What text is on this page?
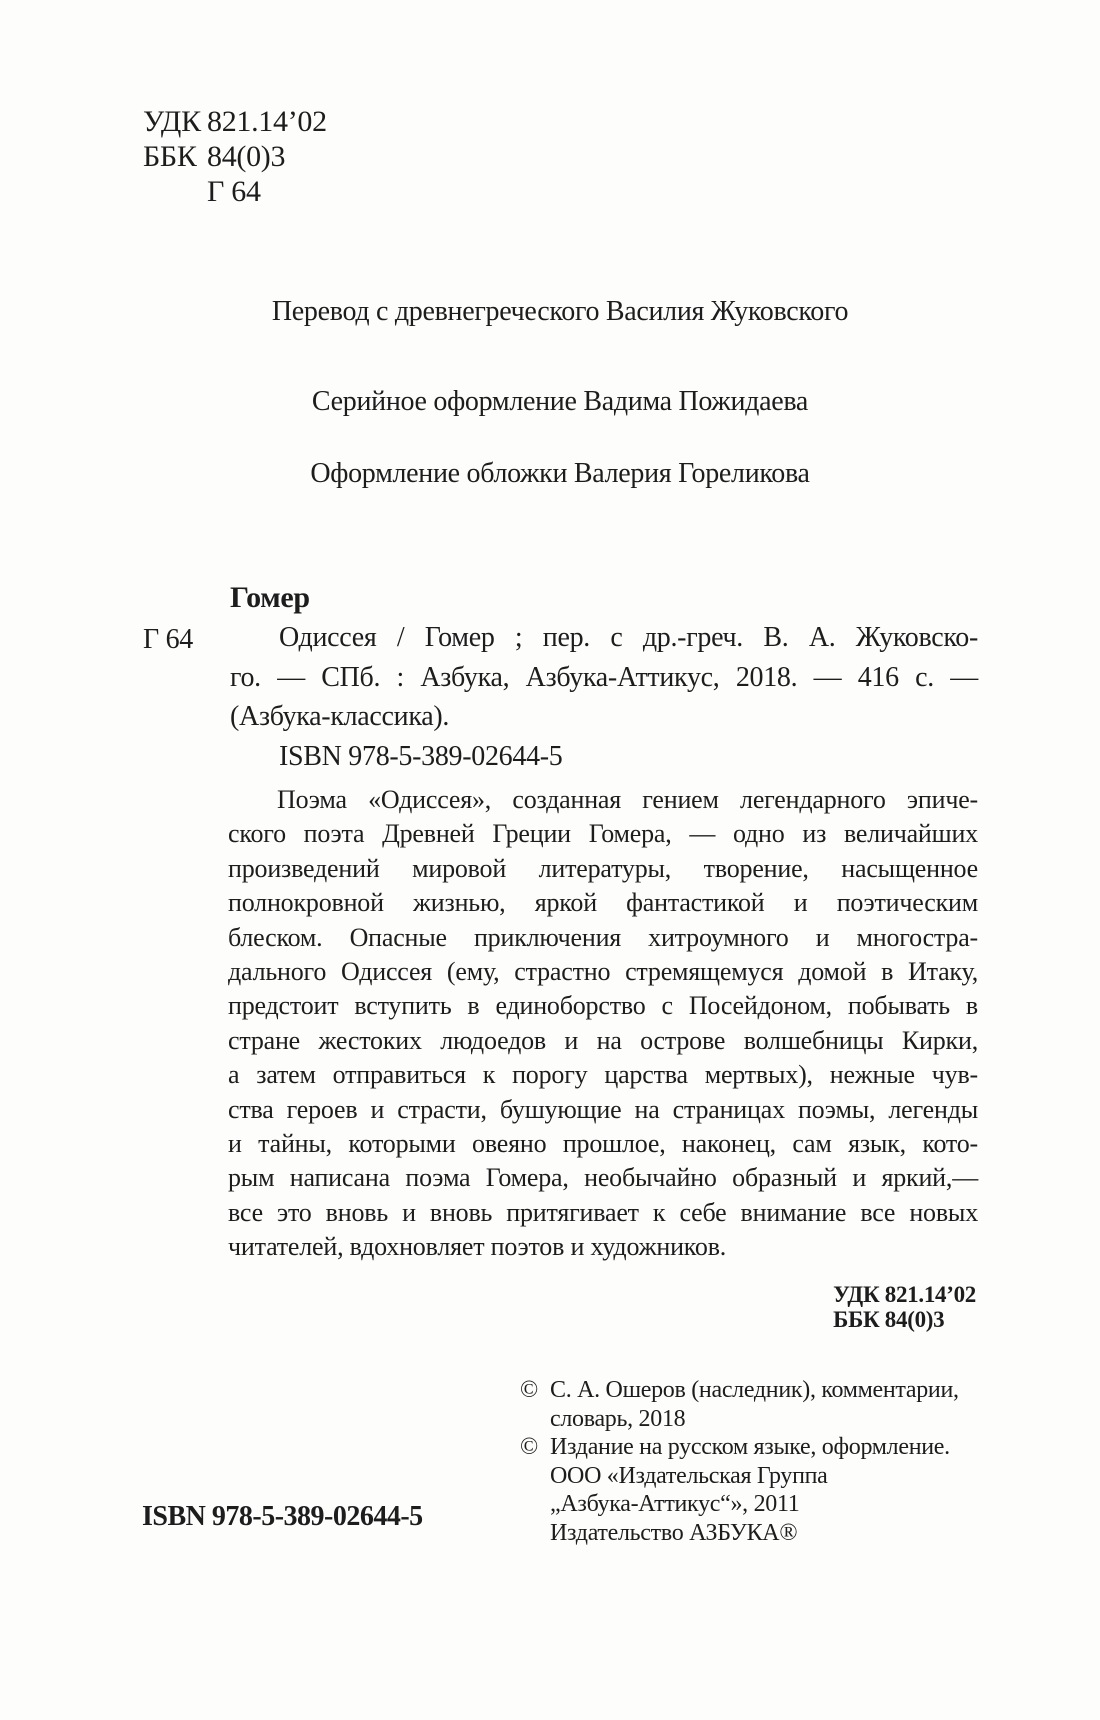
УДК 821.14’02
ББК 84(0)3
Г 64
Перевод с древнегреческого Василия Жуковского
Серийное оформление Вадима Пожидаева
Оформление обложки Валерия Гореликова
Гомер
Г 64	Одиссея / Гомер ; пер. с др.-греч. В. А. Жуковско-
го. — СПб. : Азбука, Азбука-Аттикус, 2018. — 416 с. —
(Азбука-классика).
ISBN 978-5-389-02644-5
Поэма «Одиссея», созданная гением легендарного эпиче-
ского поэта Древней Греции Гомера, — одно из величайших
произведений мировой литературы, творение, насыщенное
полнокровной жизнью, яркой фантастикой и поэтическим
блеском. Опасные приключения хитроумного и многостра-
дального Одиссея (ему, страстно стремящемуся домой в Итаку,
предстоит вступить в единоборство с Посейдоном, побывать в
стране жестоких людоедов и на острове волшебницы Кирки,
а затем отправиться к порогу царства мертвых), нежные чув-
ства героев и страсти, бушующие на страницах поэмы, легенды
и тайны, которыми овеяно прошлое, наконец, сам язык, кото-
рым написана поэма Гомера, необычайно образный и яркий,—
все это вновь и вновь притягивает к себе внимание все новых
читателей, вдохновляет поэтов и художников.
УДК 821.14’02
ББК 84(0)3
© С. А. Ошеров (наследник), комментарии,
словарь, 2018
© Издание на русском языке, оформление.
ООО «Издательская Группа
„Азбука-Аттикус“», 2011
Издательство АЗБУКА®
ISBN 978-5-389-02644-5
